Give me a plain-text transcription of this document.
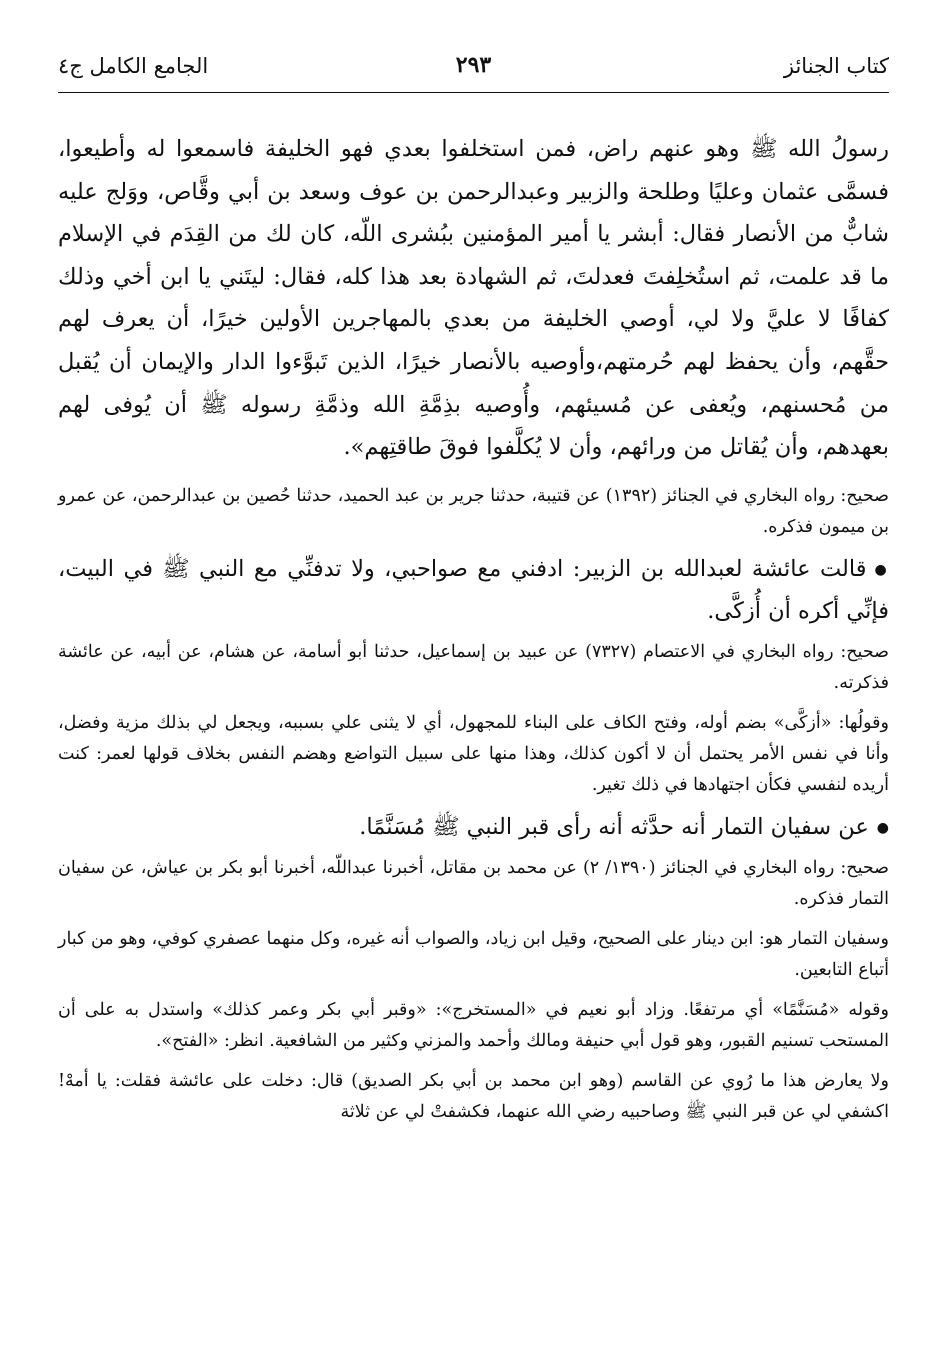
كتاب الجنائز
٢٩٣
الجامع الكامل ج٤

رسولُ الله ﷺ وهو عنهم راض، فمن استخلفوا بعدي فهو الخليفة فاسمعوا له وأطيعوا، فسمَّى عثمان وعليًا وطلحة والزبير وعبدالرحمن بن عوف وسعد بن أبي وقَّاص، ووَلج عليه شابٌّ من الأنصار فقال: أبشر يا أمير المؤمنين ببُشرى اللّه، كان لك من القِدَم في الإسلام ما قد علمت، ثم استُخلِفتَ فعدلتَ، ثم الشهادة بعد هذا كله، فقال: ليتَني يا ابن أخي وذلك كفافًا لا عليَّ ولا لي، أوصي الخليفة من بعدي بالمهاجرين الأولين خيرًا، أن يعرف لهم حقَّهم، وأن يحفظ لهم حُرمتهم،وأوصيه بالأنصار خيرًا، الذين تَبوَّءوا الدار والإيمان أن يُقبل من مُحسنهم، ويُعفى عن مُسيئهم، وأُوصيه بذِمَّةِ الله وذمَّةِ رسوله ﷺ أن يُوفى لهم بعهدهم، وأن يُقاتل من ورائهم، وأن لا يُكلَّفوا فوقَ طاقتِهم».

صحيح: رواه البخاري في الجنائز (١٣٩٢) عن قتيبة، حدثنا جرير بن عبد الحميد، حدثنا حُصين بن عبدالرحمن، عن عمرو بن ميمون فذكره.

●قالت عائشة لعبدالله بن الزبير: ادفني مع صواحبي، ولا تدفنِّي مع النبي ﷺ في البيت، فإنِّي أكره أن أُزكَّى.

صحيح: رواه البخاري في الاعتصام (٧٣٢٧) عن عبيد بن إسماعيل، حدثنا أبو أسامة، عن هشام، عن أبيه، عن عائشة فذكرته.

وقولُها: «أزكَّى» بضم أوله، وفتح الكاف على البناء للمجهول، أي لا يثنى علي بسببه، ويجعل لي بذلك مزية وفضل، وأنا في نفس الأمر يحتمل أن لا أكون كذلك، وهذا منها على سبيل التواضع وهضم النفس بخلاف قولها لعمر: كنت أريده لنفسي فكأن اجتهادها في ذلك تغير.

●عن سفيان التمار أنه حدَّثه أنه رأى قبر النبي ﷺ مُسَنَّمًا.

صحيح: رواه البخاري في الجنائز (١٣٩٠/ ٢) عن محمد بن مقاتل، أخبرنا عبداللّه، أخبرنا أبو بكر بن عياش، عن سفيان التمار فذكره.

وسفيان التمار هو: ابن دينار على الصحيح، وقيل ابن زياد، والصواب أنه غيره، وكل منهما عصفري كوفي، وهو من كبار أتباع التابعين.

وقوله «مُسَنَّمًا» أي مرتفعًا. وزاد أبو نعيم في «المستخرج»: «وقبر أبي بكر وعمر كذلك» واستدل به على أن المستحب تسنيم القبور، وهو قول أبي حنيفة ومالك وأحمد والمزني وكثير من الشافعية. انظر: «الفتح».

ولا يعارض هذا ما رُوي عن القاسم (وهو ابن محمد بن أبي بكر الصديق) قال: دخلت على عائشة فقلت: يا أمهْ! اكشفي لي عن قبر النبي ﷺ وصاحبيه رضي الله عنهما، فكشفتْ لي عن ثلاثة
